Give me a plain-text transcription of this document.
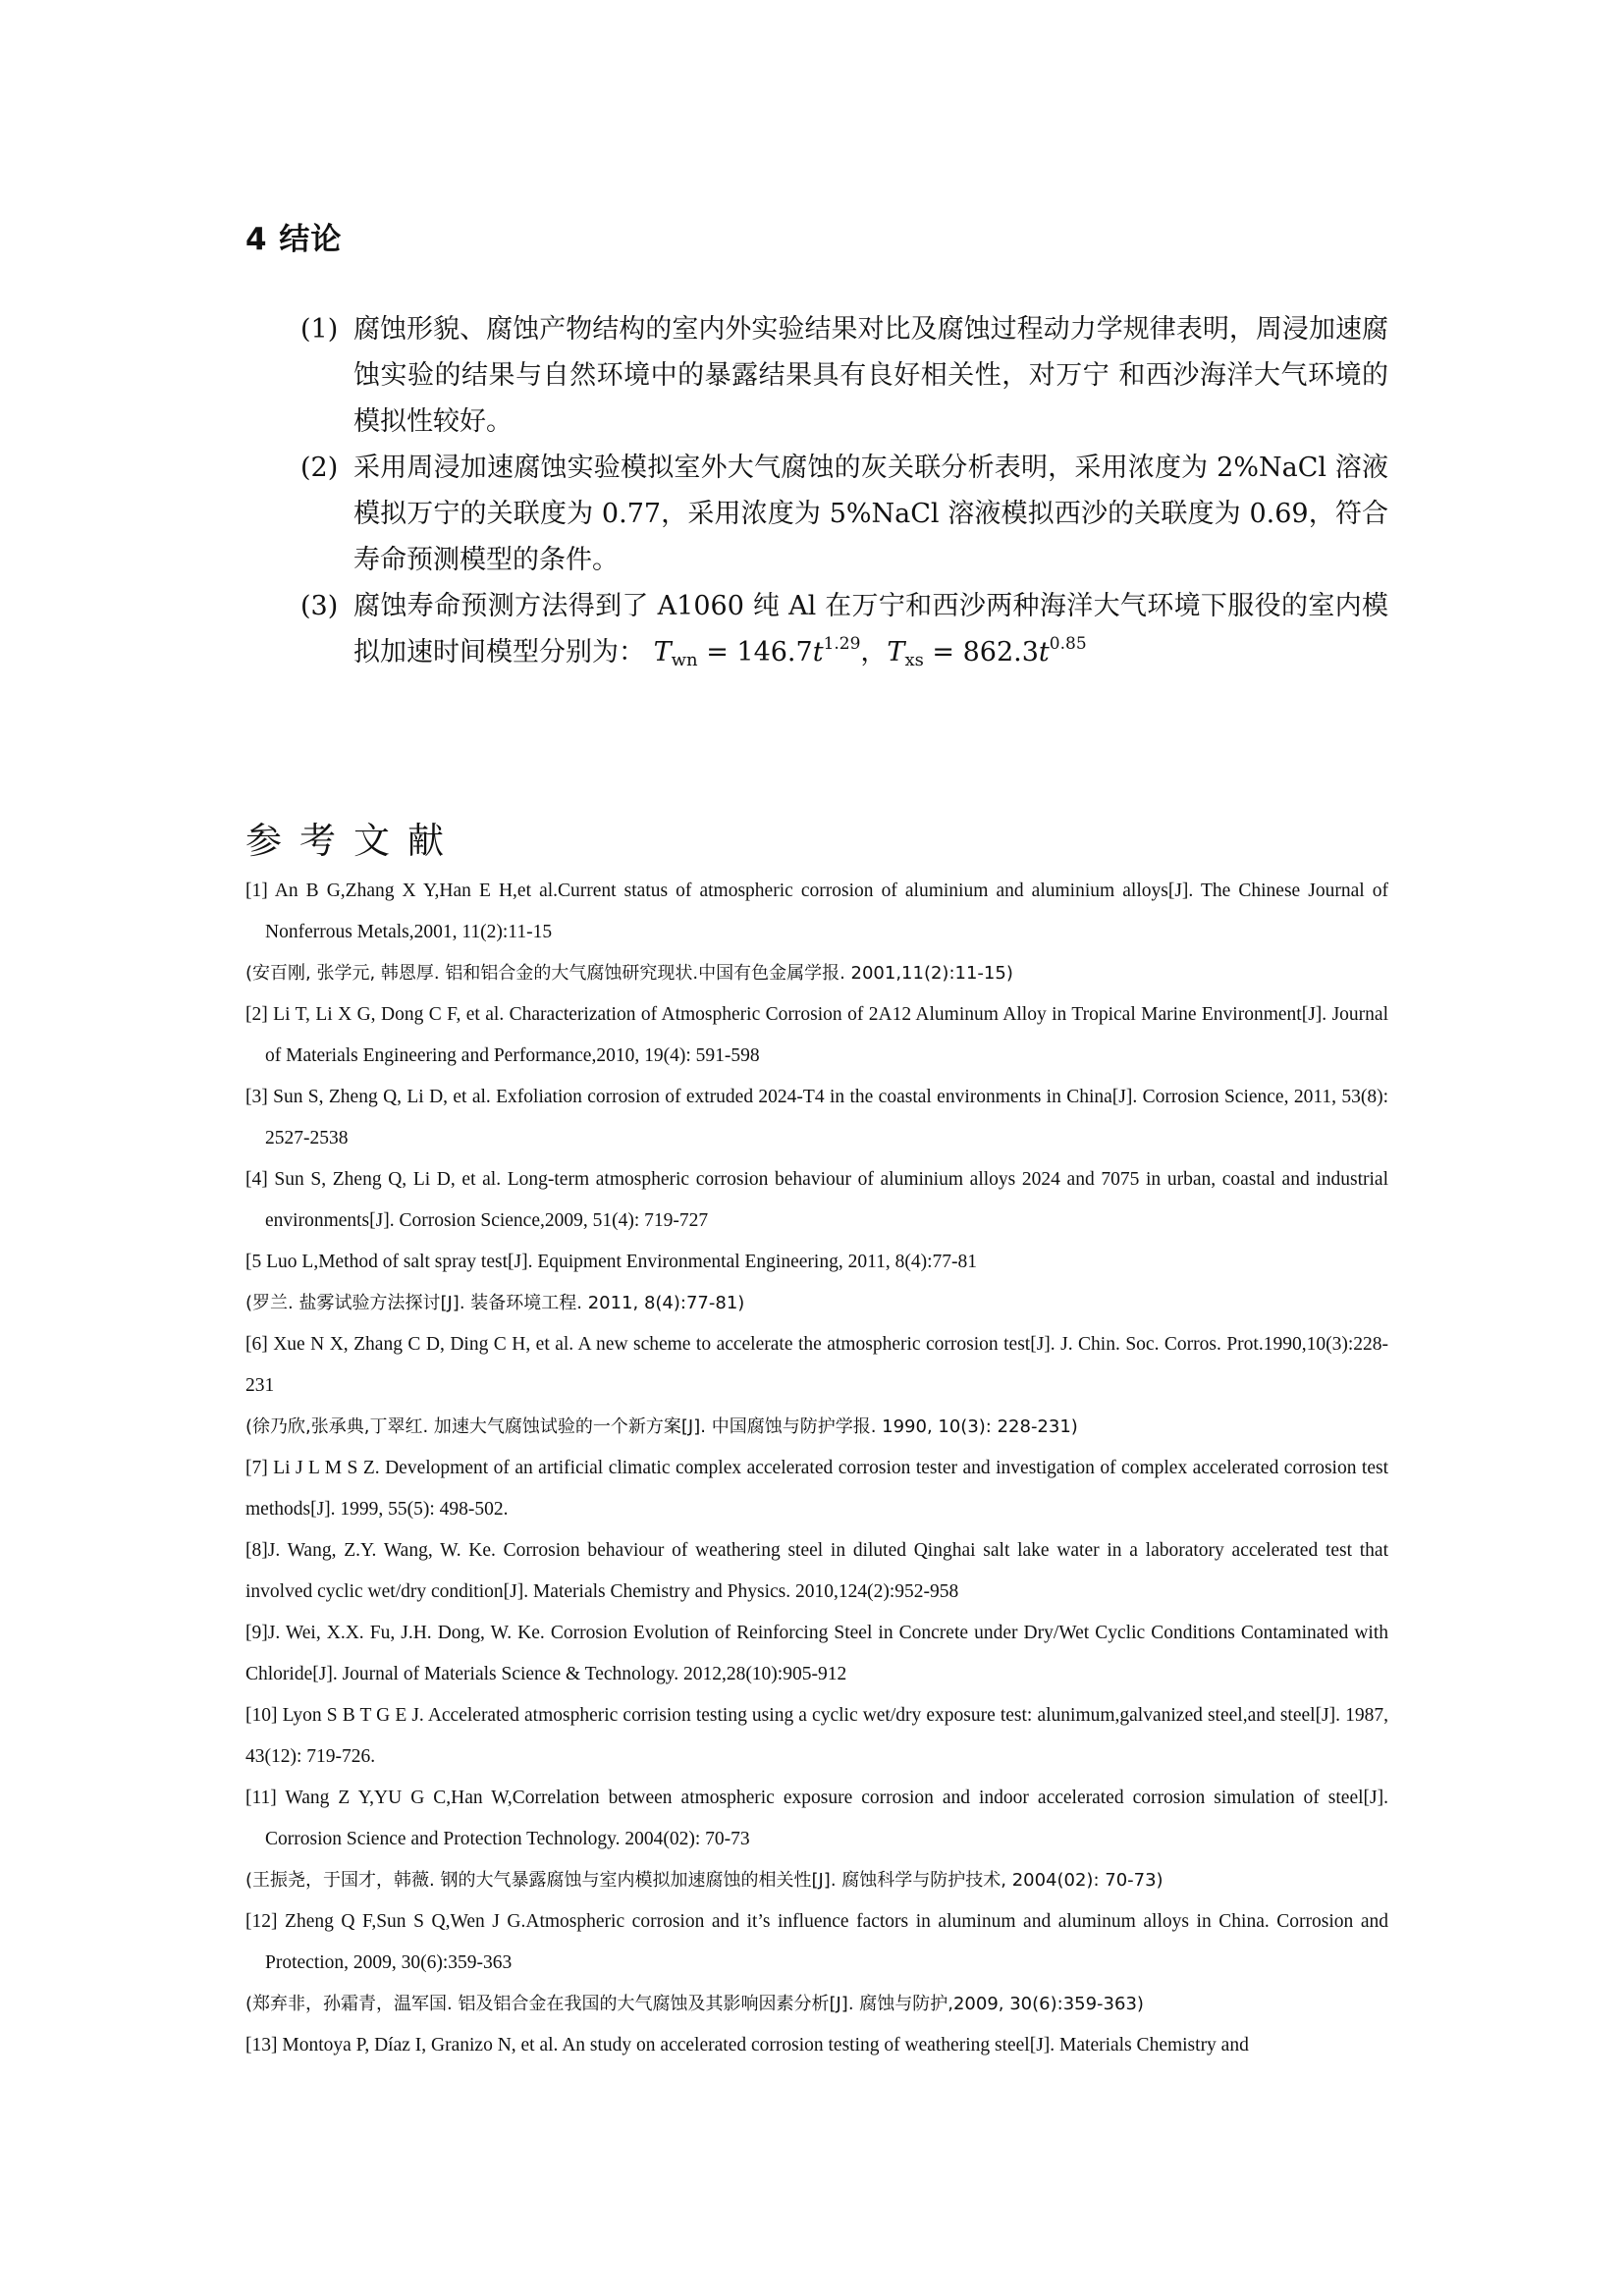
4 结论
(1) 腐蚀形貌、腐蚀产物结构的室内外实验结果对比及腐蚀过程动力学规律表明，周浸加速腐蚀实验的结果与自然环境中的暴露结果具有良好相关性，对万宁 和西沙海洋大气环境的模拟性较好。
(2) 采用周浸加速腐蚀实验模拟室外大气腐蚀的灰关联分析表明，采用浓度为 2%NaCl 溶液模拟万宁的关联度为 0.77，采用浓度为 5%NaCl 溶液模拟西沙的关联度为 0.69，符合寿命预测模型的条件。
(3) 腐蚀寿命预测方法得到了 A1060 纯 Al 在万宁和西沙两种海洋大气环境下服役的室内模拟加速时间模型分别为： $T_{wn} = 146.7t^{1.29}$，$T_{xs} = 862.3t^{0.85}$
参考文献
[1] An B G,Zhang X Y,Han E H,et al.Current status of atmospheric corrosion of aluminium and aluminium alloys[J]. The Chinese Journal of Nonferrous Metals,2001, 11(2):11-15
(安百刚, 张学元, 韩恩厚. 铝和铝合金的大气腐蚀研究现状.中国有色金属学报. 2001,11(2):11-15)
[2] Li T, Li X G, Dong C F, et al. Characterization of Atmospheric Corrosion of 2A12 Aluminum Alloy in Tropical Marine Environment[J]. Journal of Materials Engineering and Performance,2010, 19(4): 591-598
[3] Sun S, Zheng Q, Li D, et al. Exfoliation corrosion of extruded 2024-T4 in the coastal environments in China[J]. Corrosion Science, 2011, 53(8): 2527-2538
[4] Sun S, Zheng Q, Li D, et al. Long-term atmospheric corrosion behaviour of aluminium alloys 2024 and 7075 in urban, coastal and industrial environments[J]. Corrosion Science,2009, 51(4): 719-727
[5 Luo L,Method of salt spray test[J]. Equipment Environmental Engineering, 2011, 8(4):77-81
(罗兰. 盐雾试验方法探讨[J]. 装备环境工程. 2011, 8(4):77-81)
[6] Xue N X, Zhang C D, Ding C H, et al. A new scheme to accelerate the atmospheric corrosion test[J]. J. Chin. Soc. Corros. Prot.1990,10(3):228-231
(徐乃欣,张承典,丁翠红. 加速大气腐蚀试验的一个新方案[J]. 中国腐蚀与防护学报. 1990, 10(3): 228-231)
[7] Li J L M S Z. Development of an artificial climatic complex accelerated corrosion tester and investigation of complex accelerated corrosion test methods[J]. 1999, 55(5): 498-502.
[8]J. Wang, Z.Y. Wang, W. Ke. Corrosion behaviour of weathering steel in diluted Qinghai salt lake water in a laboratory accelerated test that involved cyclic wet/dry condition[J]. Materials Chemistry and Physics. 2010,124(2):952-958
[9]J. Wei, X.X. Fu, J.H. Dong, W. Ke. Corrosion Evolution of Reinforcing Steel in Concrete under Dry/Wet Cyclic Conditions Contaminated with Chloride[J]. Journal of Materials Science & Technology. 2012,28(10):905-912
[10] Lyon S B T G E J. Accelerated atmospheric corrision testing using a cyclic wet/dry exposure test: alunimum,galvanized steel,and steel[J]. 1987, 43(12): 719-726.
[11] Wang Z Y,YU G C,Han W,Correlation between atmospheric exposure corrosion and indoor accelerated corrosion simulation of steel[J]. Corrosion Science and Protection Technology. 2004(02): 70-73
(王振尧，于国才，韩薇. 钢的大气暴露腐蚀与室内模拟加速腐蚀的相关性[J]. 腐蚀科学与防护技术, 2004(02): 70-73)
[12] Zheng Q F,Sun S Q,Wen J G.Atmospheric corrosion and it’s influence factors in aluminum and aluminum alloys in China. Corrosion and Protection, 2009, 30(6):359-363
(郑弃非，孙霜青，温军国. 铝及铝合金在我国的大气腐蚀及其影响因素分析[J]. 腐蚀与防护,2009, 30(6):359-363)
[13] Montoya P, Díaz I, Granizo N, et al. An study on accelerated corrosion testing of weathering steel[J]. Materials Chemistry and
